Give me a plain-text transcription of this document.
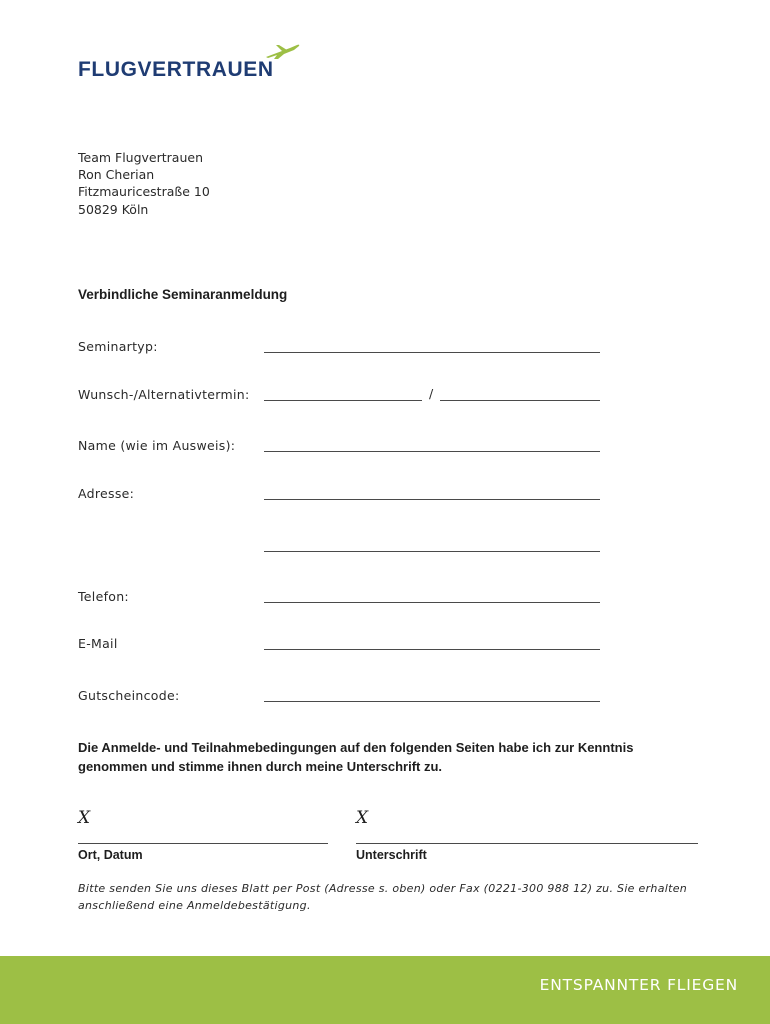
FLUGVERTRAUEN
Team Flugvertrauen
Ron Cherian
Fitzmauricestraße 10
50829 Köln
Verbindliche Seminaranmeldung
Seminartyp:
Wunsch-/Alternativtermin:	/
Name (wie im Ausweis):
Adresse:
Telefon:
E-Mail
Gutscheincode:
Die Anmelde- und Teilnahmebedingungen auf den folgenden Seiten habe ich zur Kenntnis genommen und stimme ihnen durch meine Unterschrift zu.
X
Ort, Datum
X
Unterschrift
Bitte senden Sie uns dieses Blatt per Post (Adresse s. oben) oder Fax (0221-300 988 12) zu. Sie erhalten anschließend eine Anmeldebestätigung.
ENTSPANNTER FLIEGEN
